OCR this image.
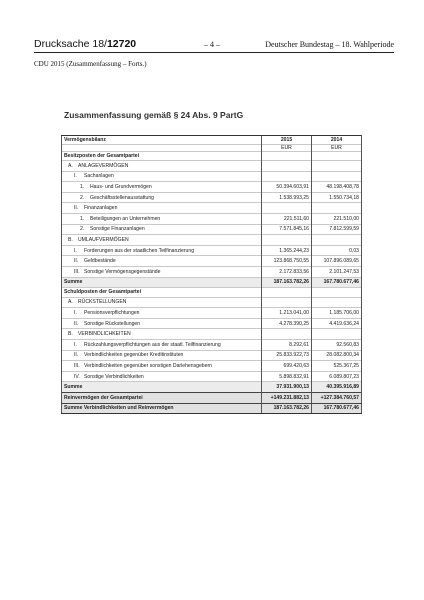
Drucksache 18/12720	– 4 –	Deutscher Bundestag – 18. Wahlperiode
CDU 2015 (Zusammenfassung – Forts.)
Zusammenfassung gemäß § 24 Abs. 9 PartG
Vermögensbilanz	2015	2014
	EUR	EUR
Besitzposten der Gesamtpartei		
A. ANLAGEVERMÖGEN		
I. Sachanlagen		
1. Haus- und Grundvermögen	50.394.603,91	48.198.408,78
2. Geschäftsstellenausstattung	1.538.993,25	1.550.734,18
II. Finanzanlagen		
1. Beteiligungen an Unternehmen	221.511,60	221.510,00
2. Sonstige Finanzanlagen	7.571.845,16	7.812.599,59
B. UMLAUFVERMÖGEN		
I. Forderungen aus der staatlichen Teilfinanzierung	1.365.244,23	0,03
II. Geldbestände	123.868.750,55	107.896.089,65
III. Sonstige Vermögensgegenstände	2.172.833,56	2.101.247,53
Summe	187.163.782,26	167.780.677,46
Schuldposten der Gesamtpartei		
A. RÜCKSTELLUNGEN		
I. Pensionsverpflichtungen	1.213.041,00	1.185.706,00
II. Sonstige Rückstellungen	4.278.390,25	4.419.636,24
B. VERBINDLICHKEITEN		
I. Rückzahlungsverpflichtungen aus der staatl. Teilfinanzierung	8.292,61	92.560,83
II. Verbindlichkeiten gegenüber Kreditinstituten	25.833.922,73	28.082.800,34
III. Verbindlichkeiten gegenüber sonstigen Darlehensgebern	699.420,63	525.367,25
IV. Sonstige Verbindlichkeiten	5.898.832,91	6.089.807,23
Summe	37.931.900,13	40.395.916,89
Reinvermögen der Gesamtpartei	+149.231.882,13	+127.384.760,57
Summe Verbindlichkeiten und Reinvermögen	187.163.782,26	167.780.677,46
